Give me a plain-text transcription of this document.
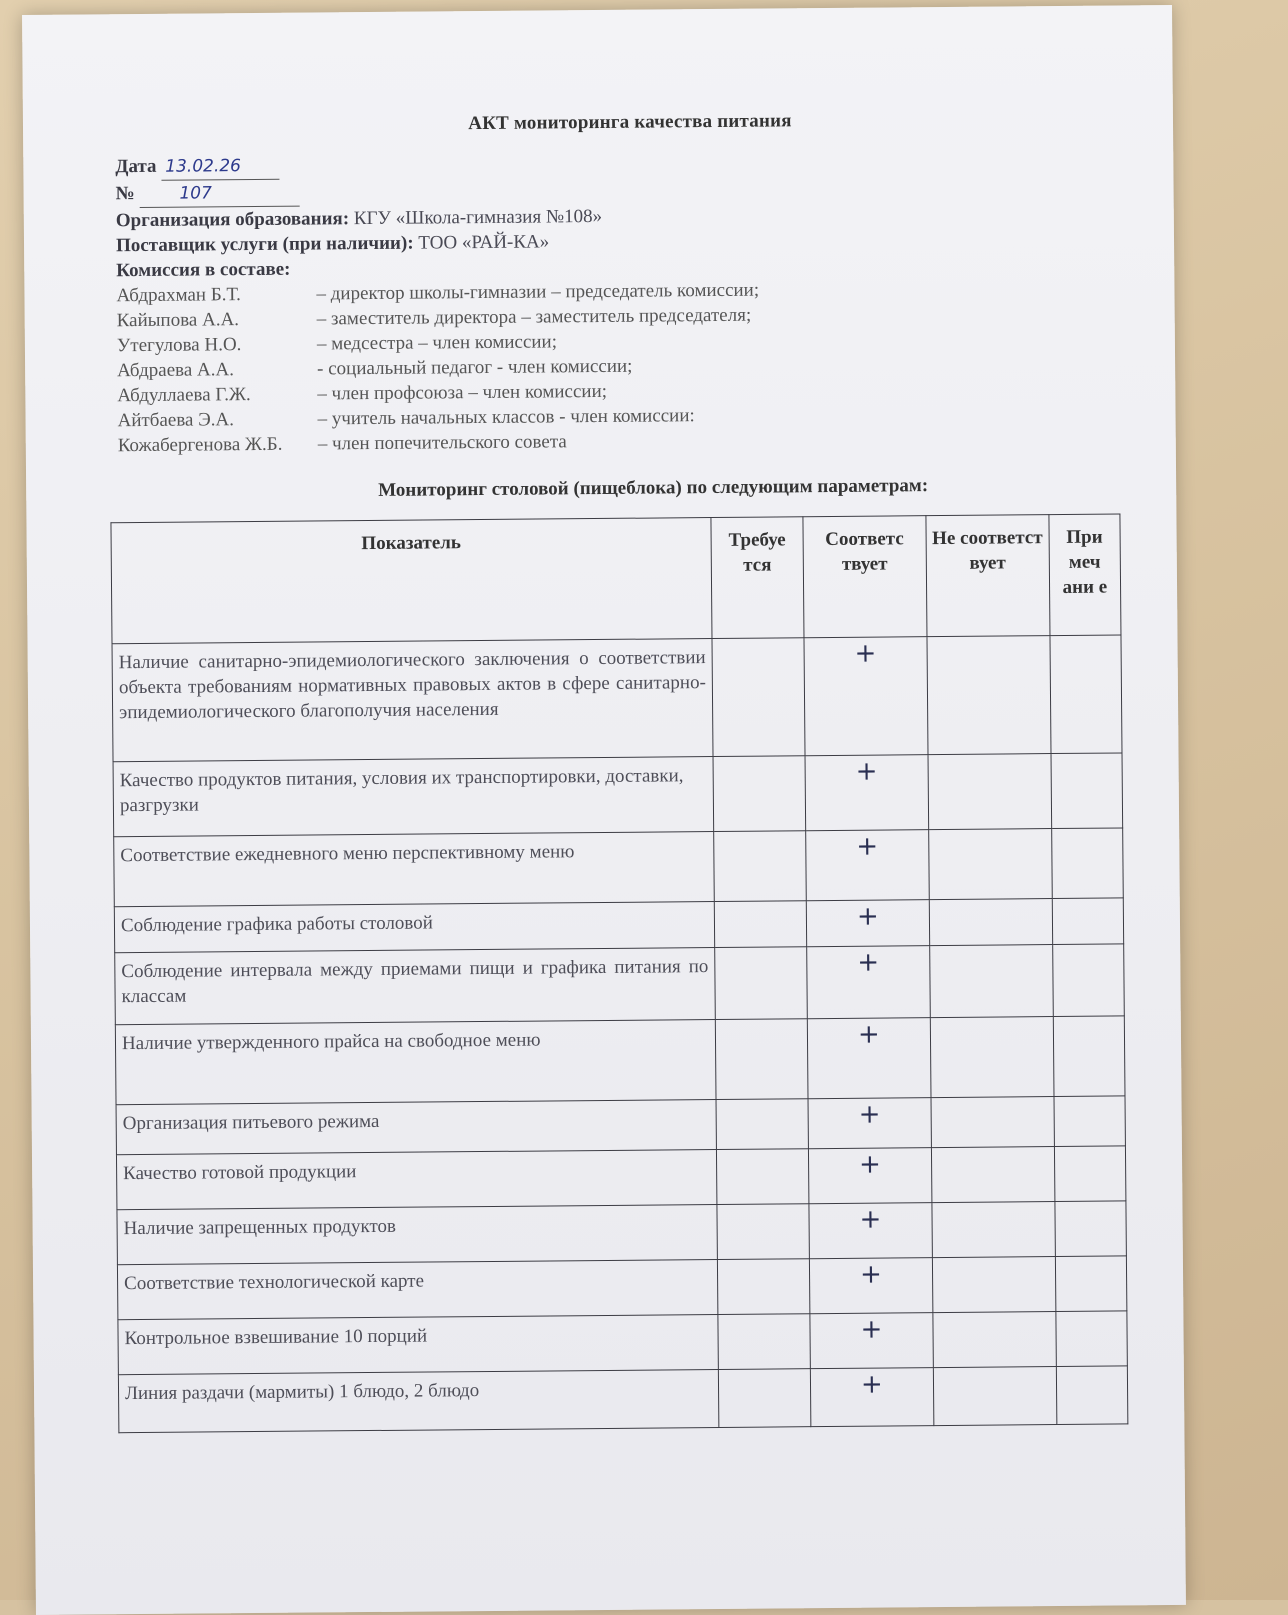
АКТ мониторинга качества питания
Дата 13.02.26
№	107
Организация образования: КГУ «Школа-гимназия №108»
Поставщик услуги (при наличии): ТОО «РАЙ-КА»
Комиссия в составе:
Абдрахман Б.Т.	– директор школы-гимназии – председатель комиссии;
Кайыпова А.А.	– заместитель директора – заместитель председателя;
Утегулова Н.О.	– медсестра – член комиссии;
Абдраева А.А.	- социальный педагог - член комиссии;
Абдуллаева Г.Ж.	– член профсоюза – член комиссии;
Айтбаева Э.А.	– учитель начальных классов - член комиссии:
Кожабергенова Ж.Б.	– член попечительского совета
Мониторинг столовой (пищеблока) по следующим параметрам:
Показатель	Требуе тся	Соответс твует	Не соответст вует	При меч ани е
Наличие санитарно-эпидемиологического заключения о соответствии объекта требованиям нормативных правовых актов в сфере санитарно-эпидемиологического благополучия населения		+		
Качество продуктов питания, условия их транспортировки, доставки, разгрузки		+		
Соответствие ежедневного меню перспективному меню		+		
Соблюдение графика работы столовой		+		
Соблюдение интервала между приемами пищи и графика питания по классам		+		
Наличие утвержденного прайса на свободное меню		+		
Организация питьевого режима		+		
Качество готовой продукции		+		
Наличие запрещенных продуктов		+		
Соответствие технологической карте		+		
Контрольное взвешивание 10 порций		+		
Линия раздачи (мармиты) 1 блюдо, 2 блюдо		+		
